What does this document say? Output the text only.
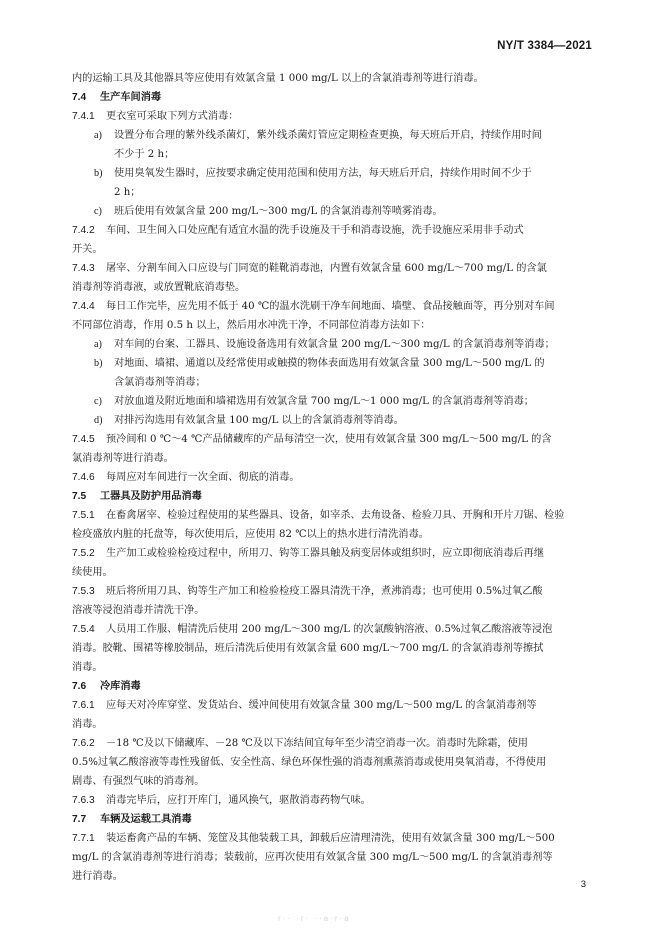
NY/T 3384—2021
内的运输工具及其他器具等应使用有效氯含量 1 000 mg/L 以上的含氯消毒剂等进行消毒。
7.4 生产车间消毒
7.4.1 更衣室可采取下列方式消毒：
a) 设置分布合理的紫外线杀菌灯，紫外线杀菌灯管应定期检查更换，每天班后开启，持续作用时间
不少于 2 h；
b) 使用臭氧发生器时，应按要求确定使用范围和使用方法，每天班后开启，持续作用时间不少于
2 h；
c) 班后使用有效氯含量 200 mg/L～300 mg/L 的含氯消毒剂等喷雾消毒。
7.4.2 车间、卫生间入口处应配有适宜水温的洗手设施及干手和消毒设施，洗手设施应采用非手动式
开关。
7.4.3 屠宰、分割车间入口应设与门同宽的鞋靴消毒池，内置有效氯含量 600 mg/L～700 mg/L 的含氯
消毒剂等消毒液，或放置靴底消毒垫。
7.4.4 每日工作完毕，应先用不低于 40 ℃的温水洗刷干净车间地面、墙壁、食品接触面等，再分别对车间
不同部位消毒，作用 0.5 h 以上，然后用水冲洗干净，不同部位消毒方法如下：
a) 对车间的台案、工器具、设施设备选用有效氯含量 200 mg/L～300 mg/L 的含氯消毒剂等消毒；
b) 对地面、墙裙、通道以及经常使用或触摸的物体表面选用有效氯含量 300 mg/L～500 mg/L 的
含氯消毒剂等消毒；
c) 对放血道及附近地面和墙裙选用有效氯含量 700 mg/L～1 000 mg/L 的含氯消毒剂等消毒；
d) 对排污沟选用有效氯含量 100 mg/L 以上的含氯消毒剂等消毒。
7.4.5 预冷间和 0 ℃～4 ℃产品储藏库的产品每清空一次，使用有效氯含量 300 mg/L～500 mg/L 的含
氯消毒剂等进行消毒。
7.4.6 每周应对车间进行一次全面、彻底的消毒。
7.5 工器具及防护用品消毒
7.5.1 在畜禽屠宰、检验过程使用的某些器具、设备，如宰杀、去角设备、检验刀具、开胸和开片刀锯、检验
检疫盛放内脏的托盘等，每次使用后，应使用 82 ℃以上的热水进行清洗消毒。
7.5.2 生产加工或检验检疫过程中，所用刀、钩等工器具触及病变居体或组织时，应立即彻底消毒后再继
续使用。
7.5.3 班后将所用刀具、钩等生产加工和检验检疫工器具清洗干净，煮沸消毒；也可使用 0.5%过氧乙酸
溶液等浸泡消毒并清洗干净。
7.5.4 人员用工作服、帽清洗后使用 200 mg/L～300 mg/L 的次氯酸钠溶液、0.5%过氧乙酸溶液等浸泡
消毒。胶靴、围裙等橡胶制品，班后清洗后使用有效氯含量 600 mg/L～700 mg/L 的含氯消毒剂等擦拭
消毒。
7.6 冷库消毒
7.6.1 应每天对冷库穿堂、发货站台、缓冲间使用有效氯含量 300 mg/L～500 mg/L 的含氯消毒剂等
消毒。
7.6.2 －18 ℃及以下储藏库、－28 ℃及以下冻结间宜每年至少清空消毒一次。消毒时先除霜，使用
0.5%过氧乙酸溶液等毒性残留低、安全性高、绿色环保性强的消毒剂熏蒸消毒或使用臭氧消毒，不得使用
剧毒、有强烈气味的消毒剂。
7.6.3 消毒完毕后，应打开库门，通风换气，驱散消毒药物气味。
7.7 车辆及运载工具消毒
7.7.1 装运畜禽产品的车辆、笼筐及其他装载工具，卸载后应清理清洗，使用有效氯含量 300 mg/L～500
mg/L 的含氯消毒剂等进行消毒；装载前，应再次使用有效氯含量 300 mg/L～500 mg/L 的含氯消毒剂等
进行消毒。
3
r·· ·r· ··a·r·a
